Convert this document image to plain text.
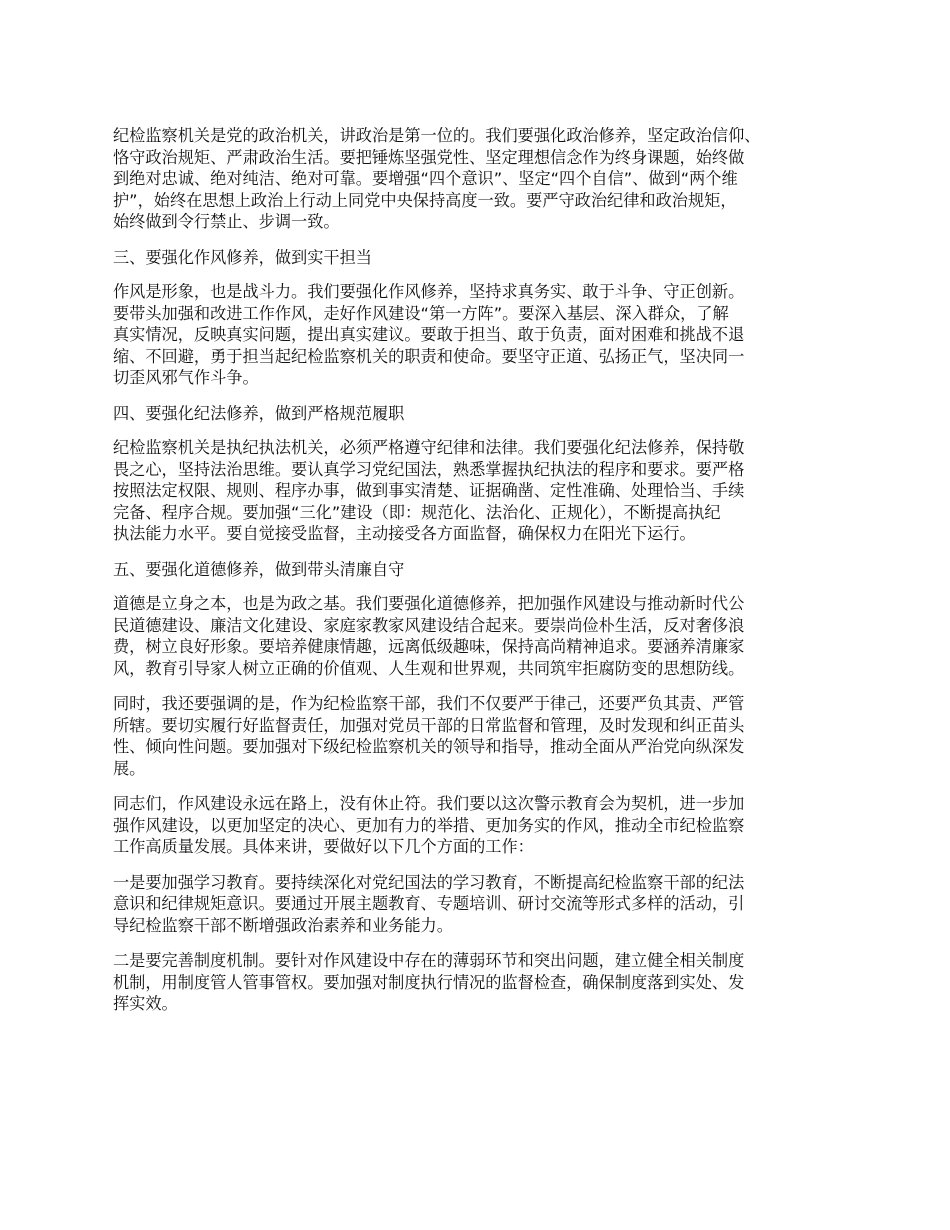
纪检监察机关是党的政治机关，讲政治是第一位的。我们要强化政治修养，坚定政治信仰、
恪守政治规矩、严肃政治生活。要把锤炼坚强党性、坚定理想信念作为终身课题，始终做
到绝对忠诚、绝对纯洁、绝对可靠。要增强“四个意识”、坚定“四个自信”、做到“两个维
护”，始终在思想上政治上行动上同党中央保持高度一致。要严守政治纪律和政治规矩，
始终做到令行禁止、步调一致。
三、要强化作风修养，做到实干担当
作风是形象，也是战斗力。我们要强化作风修养，坚持求真务实、敢于斗争、守正创新。
要带头加强和改进工作作风，走好作风建设“第一方阵”。要深入基层、深入群众，了解
真实情况，反映真实问题，提出真实建议。要敢于担当、敢于负责，面对困难和挑战不退
缩、不回避，勇于担当起纪检监察机关的职责和使命。要坚守正道、弘扬正气，坚决同一
切歪风邪气作斗争。
四、要强化纪法修养，做到严格规范履职
纪检监察机关是执纪执法机关，必须严格遵守纪律和法律。我们要强化纪法修养，保持敬
畏之心，坚持法治思维。要认真学习党纪国法，熟悉掌握执纪执法的程序和要求。要严格
按照法定权限、规则、程序办事，做到事实清楚、证据确凿、定性准确、处理恰当、手续
完备、程序合规。要加强“三化”建设（即：规范化、法治化、正规化），不断提高执纪
执法能力水平。要自觉接受监督，主动接受各方面监督，确保权力在阳光下运行。
五、要强化道德修养，做到带头清廉自守
道德是立身之本，也是为政之基。我们要强化道德修养，把加强作风建设与推动新时代公
民道德建设、廉洁文化建设、家庭家教家风建设结合起来。要崇尚俭朴生活，反对奢侈浪
费，树立良好形象。要培养健康情趣，远离低级趣味，保持高尚精神追求。要涵养清廉家
风，教育引导家人树立正确的价值观、人生观和世界观，共同筑牢拒腐防变的思想防线。
同时，我还要强调的是，作为纪检监察干部，我们不仅要严于律己，还要严负其责、严管
所辖。要切实履行好监督责任，加强对党员干部的日常监督和管理，及时发现和纠正苗头
性、倾向性问题。要加强对下级纪检监察机关的领导和指导，推动全面从严治党向纵深发
展。
同志们，作风建设永远在路上，没有休止符。我们要以这次警示教育会为契机，进一步加
强作风建设，以更加坚定的决心、更加有力的举措、更加务实的作风，推动全市纪检监察
工作高质量发展。具体来讲，要做好以下几个方面的工作：
一是要加强学习教育。要持续深化对党纪国法的学习教育，不断提高纪检监察干部的纪法
意识和纪律规矩意识。要通过开展主题教育、专题培训、研讨交流等形式多样的活动，引
导纪检监察干部不断增强政治素养和业务能力。
二是要完善制度机制。要针对作风建设中存在的薄弱环节和突出问题，建立健全相关制度
机制，用制度管人管事管权。要加强对制度执行情况的监督检查，确保制度落到实处、发
挥实效。
